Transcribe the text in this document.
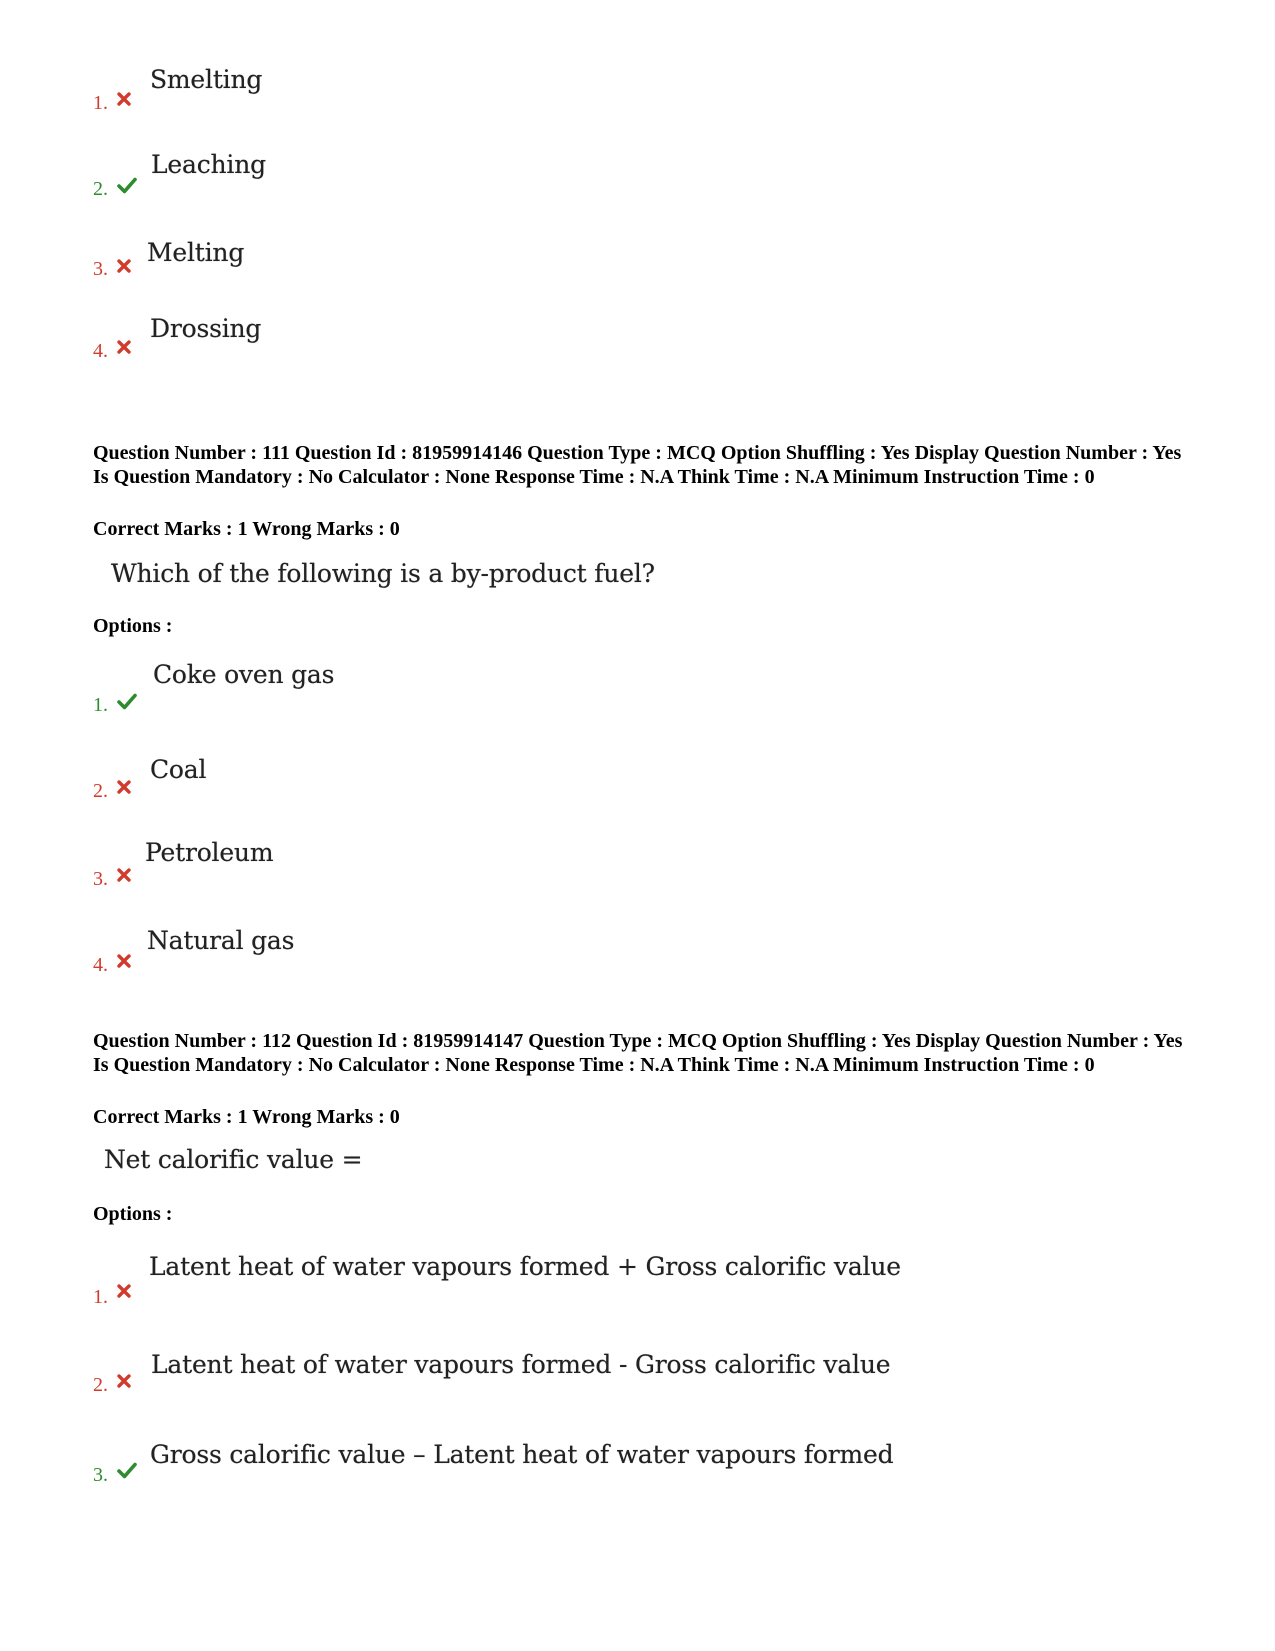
Smelting
1.
Leaching
2.
Melting
3.
Drossing
4.
Question Number : 111 Question Id : 81959914146 Question Type : MCQ Option Shuffling : Yes Display Question Number : Yes Is Question Mandatory : No Calculator : None Response Time : N.A Think Time : N.A Minimum Instruction Time : 0
Correct Marks : 1 Wrong Marks : 0
Which of the following is a by-product fuel?
Options :
Coke oven gas
1.
Coal
2.
Petroleum
3.
Natural gas
4.
Question Number : 112 Question Id : 81959914147 Question Type : MCQ Option Shuffling : Yes Display Question Number : Yes Is Question Mandatory : No Calculator : None Response Time : N.A Think Time : N.A Minimum Instruction Time : 0
Correct Marks : 1 Wrong Marks : 0
Net calorific value =
Options :
Latent heat of water vapours formed + Gross calorific value
1.
Latent heat of water vapours formed - Gross calorific value
2.
Gross calorific value – Latent heat of water vapours formed
3.
